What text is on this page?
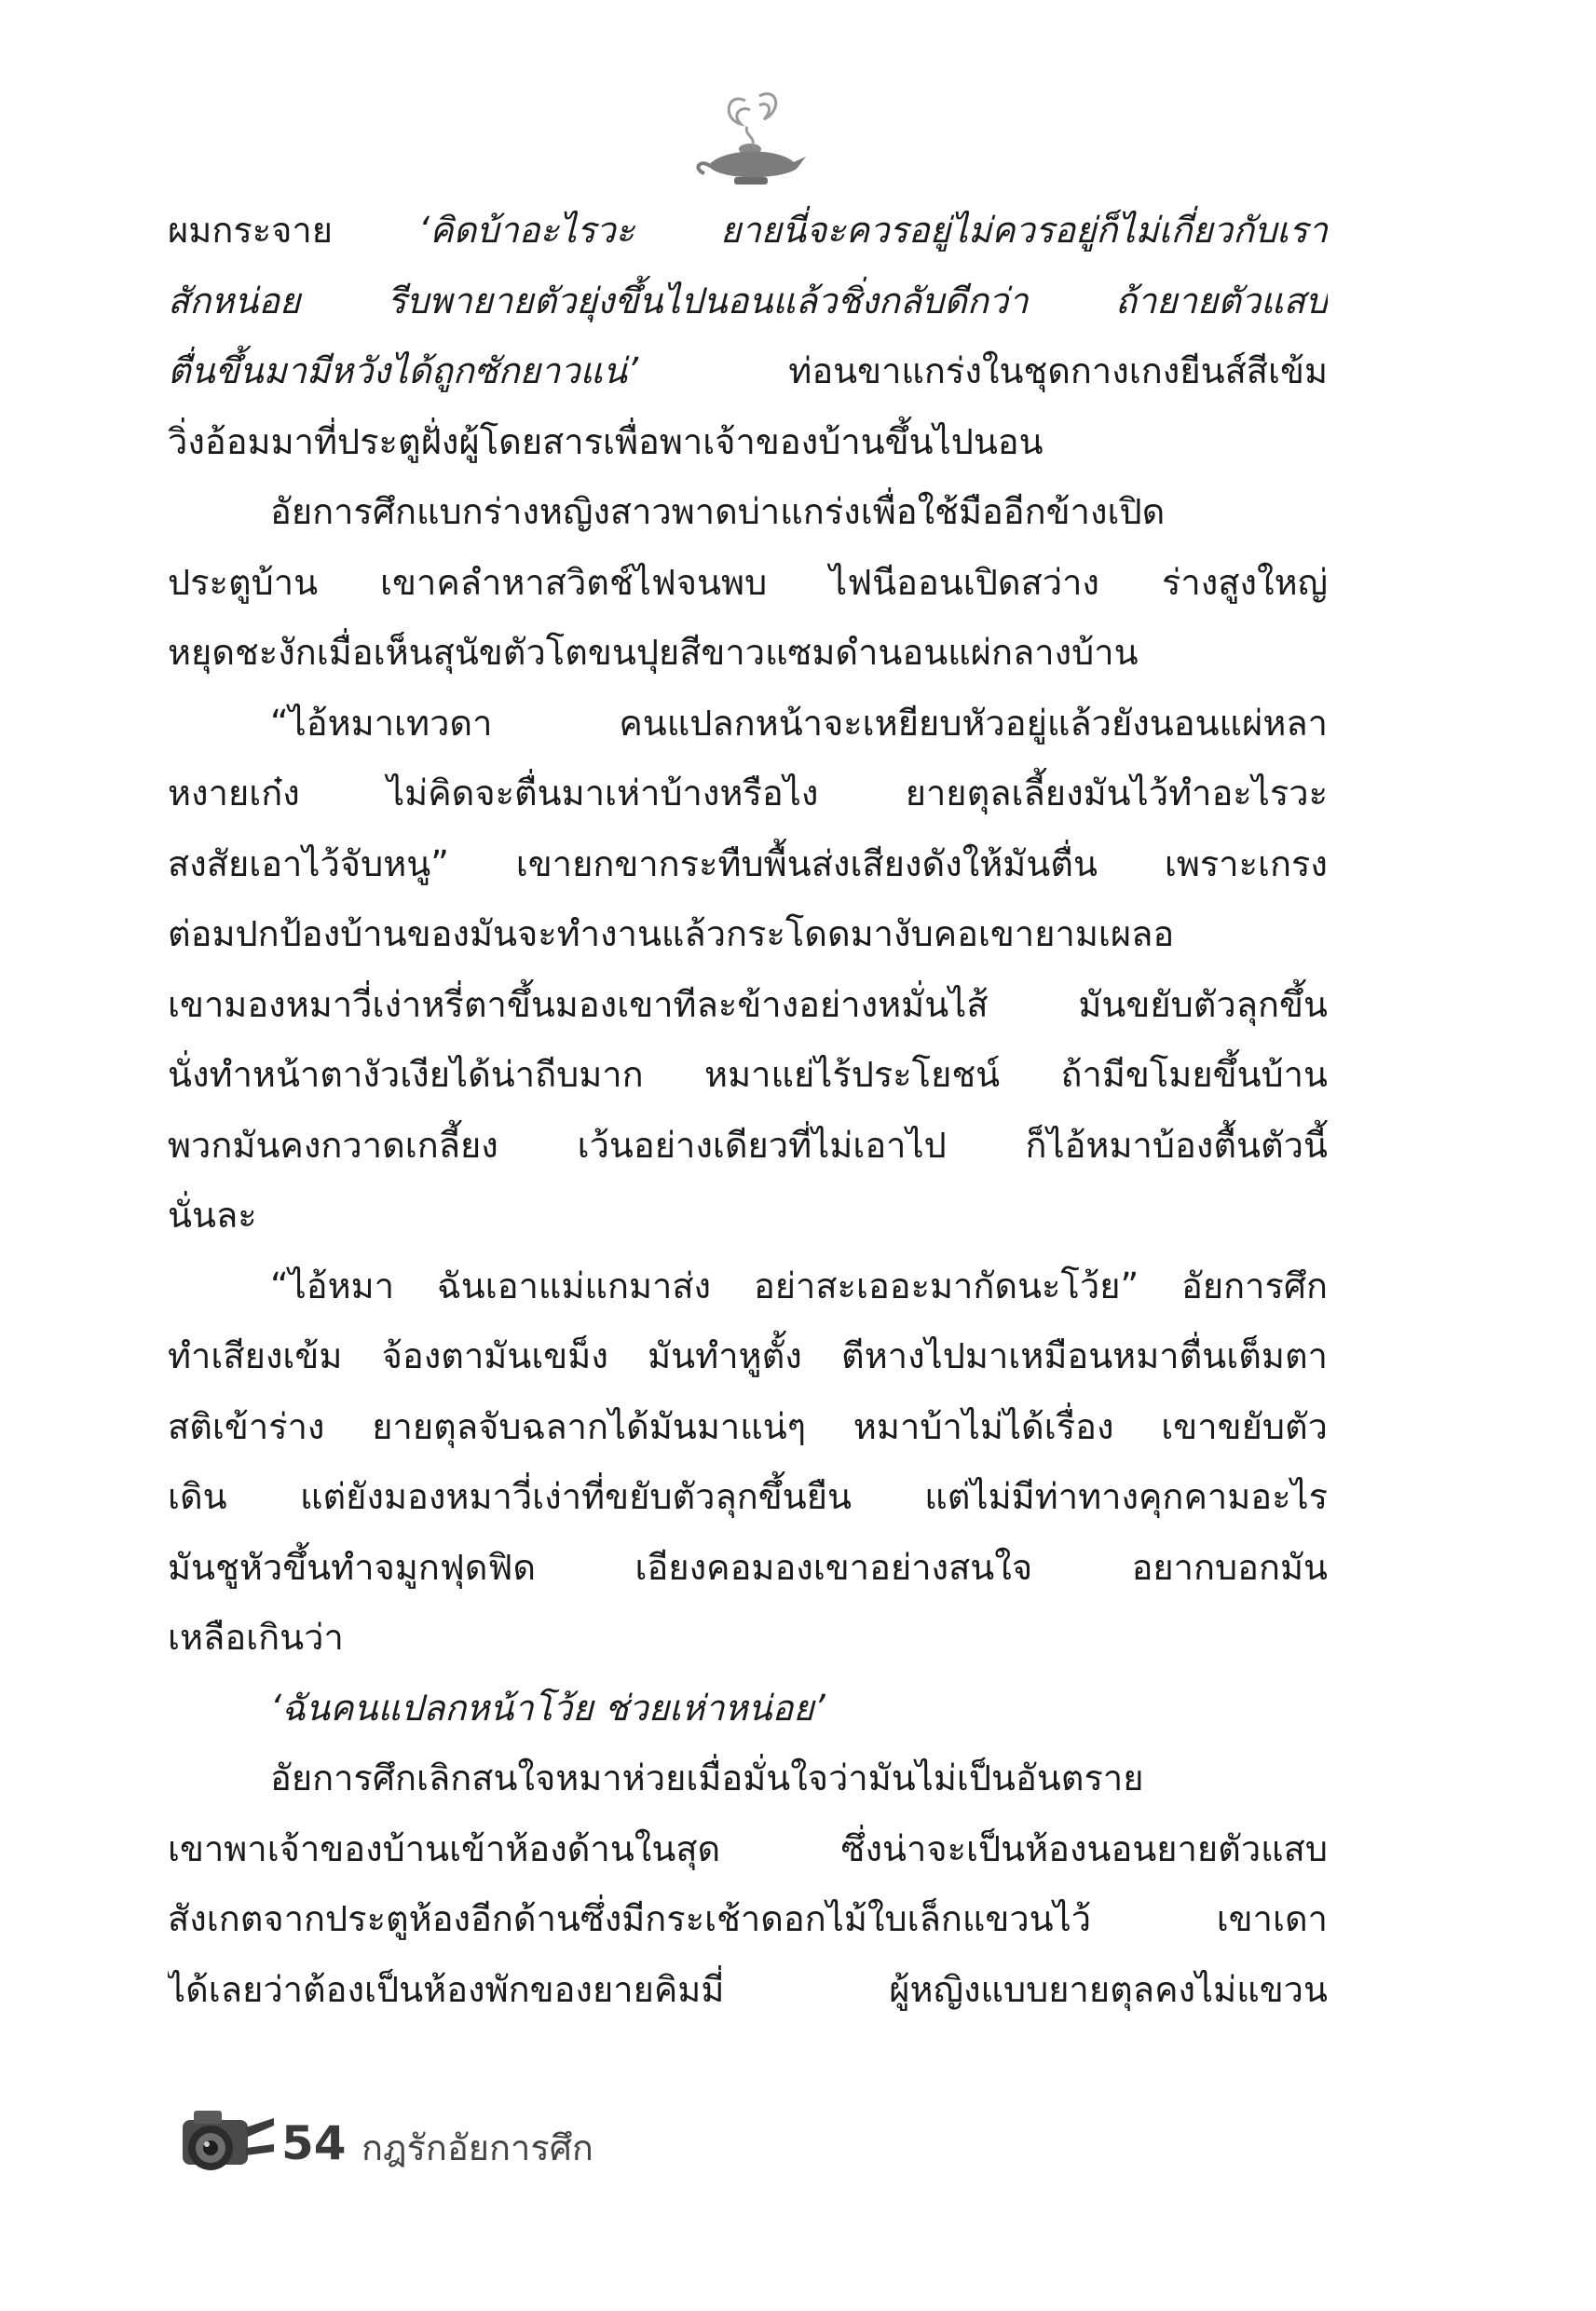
ผมกระจาย ‘คิดบ้าอะไรวะ ยายนี่จะควรอยู่ไม่ควรอยู่ก็ไม่เกี่ยวกับเรา
สักหน่อย รีบพายายตัวยุ่งขึ้นไปนอนแล้วชิ่งกลับดีกว่า ถ้ายายตัวแสบ
ตื่นขึ้นมามีหวังได้ถูกซักยาวแน่’ ท่อนขาแกร่งในชุดกางเกงยีนส์สีเข้ม
วิ่งอ้อมมาที่ประตูฝั่งผู้โดยสารเพื่อพาเจ้าของบ้านขึ้นไปนอน
อัยการศึกแบกร่างหญิงสาวพาดบ่าแกร่งเพื่อใช้มืออีกข้างเปิด
ประตูบ้าน เขาคลำหาสวิตช์ไฟจนพบ ไฟนีออนเปิดสว่าง ร่างสูงใหญ่
หยุดชะงักเมื่อเห็นสุนัขตัวโตขนปุยสีขาวแซมดำนอนแผ่กลางบ้าน
“ไอ้หมาเทวดา คนแปลกหน้าจะเหยียบหัวอยู่แล้วยังนอนแผ่หลา
หงายเก๋ง ไม่คิดจะตื่นมาเห่าบ้างหรือไง ยายตุลเลี้ยงมันไว้ทำอะไรวะ
สงสัยเอาไว้จับหนู” เขายกขากระทืบพื้นส่งเสียงดังให้มันตื่น เพราะเกรง
ต่อมปกป้องบ้านของมันจะทำงานแล้วกระโดดมางับคอเขายามเผลอ
เขามองหมาวี่เง่าหรี่ตาขึ้นมองเขาทีละข้างอย่างหมั่นไส้ มันขยับตัวลุกขึ้น
นั่งทำหน้าตางัวเงียได้น่าถีบมาก หมาแย่ไร้ประโยชน์ ถ้ามีขโมยขึ้นบ้าน
พวกมันคงกวาดเกลี้ยง เว้นอย่างเดียวที่ไม่เอาไป ก็ไอ้หมาบ้องตื้นตัวนี้
นั่นละ
“ไอ้หมา ฉันเอาแม่แกมาส่ง อย่าสะเออะมากัดนะโว้ย” อัยการศึก
ทำเสียงเข้ม จ้องตามันเขม็ง มันทำหูตั้ง ตีหางไปมาเหมือนหมาตื่นเต็มตา
สติเข้าร่าง ยายตุลจับฉลากได้มันมาแน่ๆ หมาบ้าไม่ได้เรื่อง เขาขยับตัว
เดิน แต่ยังมองหมาวี่เง่าที่ขยับตัวลุกขึ้นยืน แต่ไม่มีท่าทางคุกคามอะไร
มันชูหัวขึ้นทำจมูกฟุดฟิด เอียงคอมองเขาอย่างสนใจ อยากบอกมัน
เหลือเกินว่า
‘ฉันคนแปลกหน้าโว้ย ช่วยเห่าหน่อย’
อัยการศึกเลิกสนใจหมาห่วยเมื่อมั่นใจว่ามันไม่เป็นอันตราย
เขาพาเจ้าของบ้านเข้าห้องด้านในสุด ซึ่งน่าจะเป็นห้องนอนยายตัวแสบ
สังเกตจากประตูห้องอีกด้านซึ่งมีกระเช้าดอกไม้ใบเล็กแขวนไว้ เขาเดา
ได้เลยว่าต้องเป็นห้องพักของยายคิมมี่ ผู้หญิงแบบยายตุลคงไม่แขวน
54 กฎรักอัยการศึก
